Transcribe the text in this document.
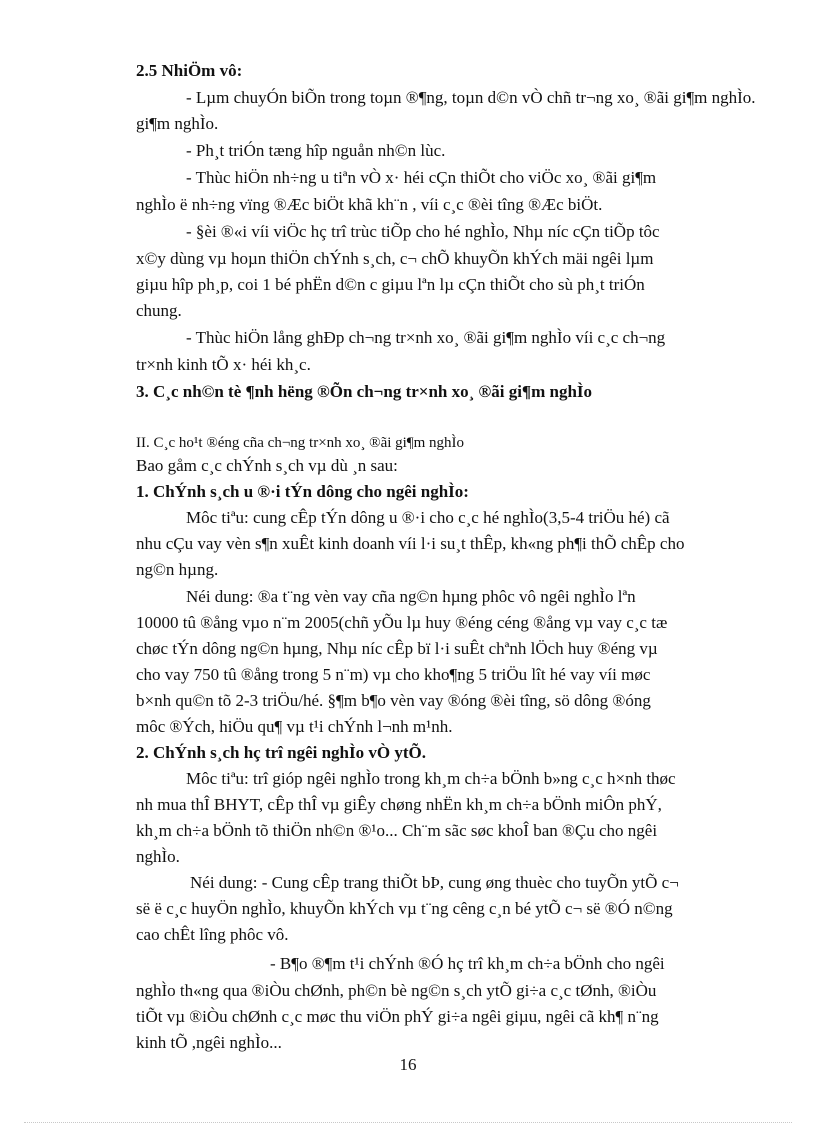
2.5 NhiÖm vô:
- Lµm chuyÓn biÕn trong toµn ®¶ng, toµn d©n vÒ chñ tr¬ng xo¸ ®ãi gi¶m nghÌo.
gi¶m nghÌo.
- Ph¸t triÓn tæng hîp nguån nh©n lùc.
- Thùc hiÖn nh÷ng u tiªn vÒ x· héi cÇn thiÕt cho viÖc xo¸ ®ãi gi¶m
nghÌo ë nh÷ng vïng ®Æc biÖt khã kh¨n , víi c¸c ®èi tîng ®Æc biÖt.
- §èi ®«i víi viÖc hç trî trùc tiÕp cho hé nghÌo, Nhµ níc cÇn tiÕp tôc
x©y dùng vµ hoµn thiÖn chÝnh s¸ch, c¬ chÕ khuyÕn khÝch mäi ngêi lµm
giµu hîp ph¸p, coi 1 bé phËn d©n c giµu lªn lµ cÇn thiÕt cho sù ph¸t triÓn
chung.
- Thùc hiÖn lång ghÐp ch¬ng tr×nh xo¸ ®ãi gi¶m nghÌo víi c¸c ch¬ng
tr×nh kinh tÕ x· héi kh¸c.
3. C¸c nh©n tè ¶nh hëng ®Õn ch¬ng tr×nh xo¸ ®ãi gi¶m nghÌo
II. C¸c ho¹t ®éng cña ch¬ng tr×nh xo¸ ®ãi gi¶m nghÌo
Bao gåm c¸c chÝnh s¸ch vµ dù ¸n sau:
1. ChÝnh s¸ch u ®·i tÝn dông cho ngêi nghÌo:
Môc tiªu: cung cÊp tÝn dông u ®·i cho c¸c hé nghÌo(3,5-4 triÖu hé) cã
nhu cÇu vay vèn s¶n xuÊt kinh doanh víi l·i su¸t thÊp, kh«ng ph¶i thÕ chÊp cho
ng©n hµng.
Néi dung: ®a t¨ng vèn vay cña ng©n hµng phôc vô ngêi nghÌo lªn
10000 tû ®ång vµo n¨m 2005(chñ yÕu lµ huy ®éng céng ®ång vµ vay c¸c tæ
chøc tÝn dông ng©n hµng, Nhµ níc cÊp bï l·i suÊt chªnh lÖch huy ®éng vµ
cho vay 750 tû ®ång trong 5 n¨m) vµ cho kho¶ng 5 triÖu lît hé vay víi møc
b×nh qu©n tõ 2-3 triÖu/hé. §¶m b¶o vèn vay ®óng ®èi tîng, sö dông ®óng
môc ®Ých, hiÖu qu¶ vµ t¹i chÝnh l¬nh m¹nh.
2. ChÝnh s¸ch hç trî ngêi nghÌo vÒ ytÕ.
Môc tiªu: trî gióp ngêi nghÌo trong kh¸m ch÷a bÖnh b»ng c¸c h×nh thøc
nh mua thÎ BHYT, cÊp thÎ vµ giÊy chøng nhËn kh¸m ch÷a bÖnh miÔn phÝ,
kh¸m ch÷a bÖnh tõ thiÖn nh©n ®¹o... Ch¨m sãc søc khoÎ ban ®Çu cho ngêi
nghÌo.
Néi dung: - Cung cÊp trang thiÕt bÞ, cung øng thuèc cho tuyÕn ytÕ c¬
së ë c¸c huyÖn nghÌo, khuyÕn khÝch vµ t¨ng cêng c¸n bé ytÕ c¬ së ®Ó n©ng
cao chÊt lîng phôc vô.
- B¶o ®¶m t¹i chÝnh ®Ó hç trî kh¸m ch÷a bÖnh cho ngêi
nghÌo th«ng qua ®iÒu chØnh, ph©n bè ng©n s¸ch ytÕ gi÷a c¸c tØnh, ®iÒu
tiÕt vµ ®iÒu chØnh c¸c møc thu viÖn phÝ gi÷a ngêi giµu, ngêi cã kh¶ n¨ng
kinh tÕ ,ngêi nghÌo...
16
